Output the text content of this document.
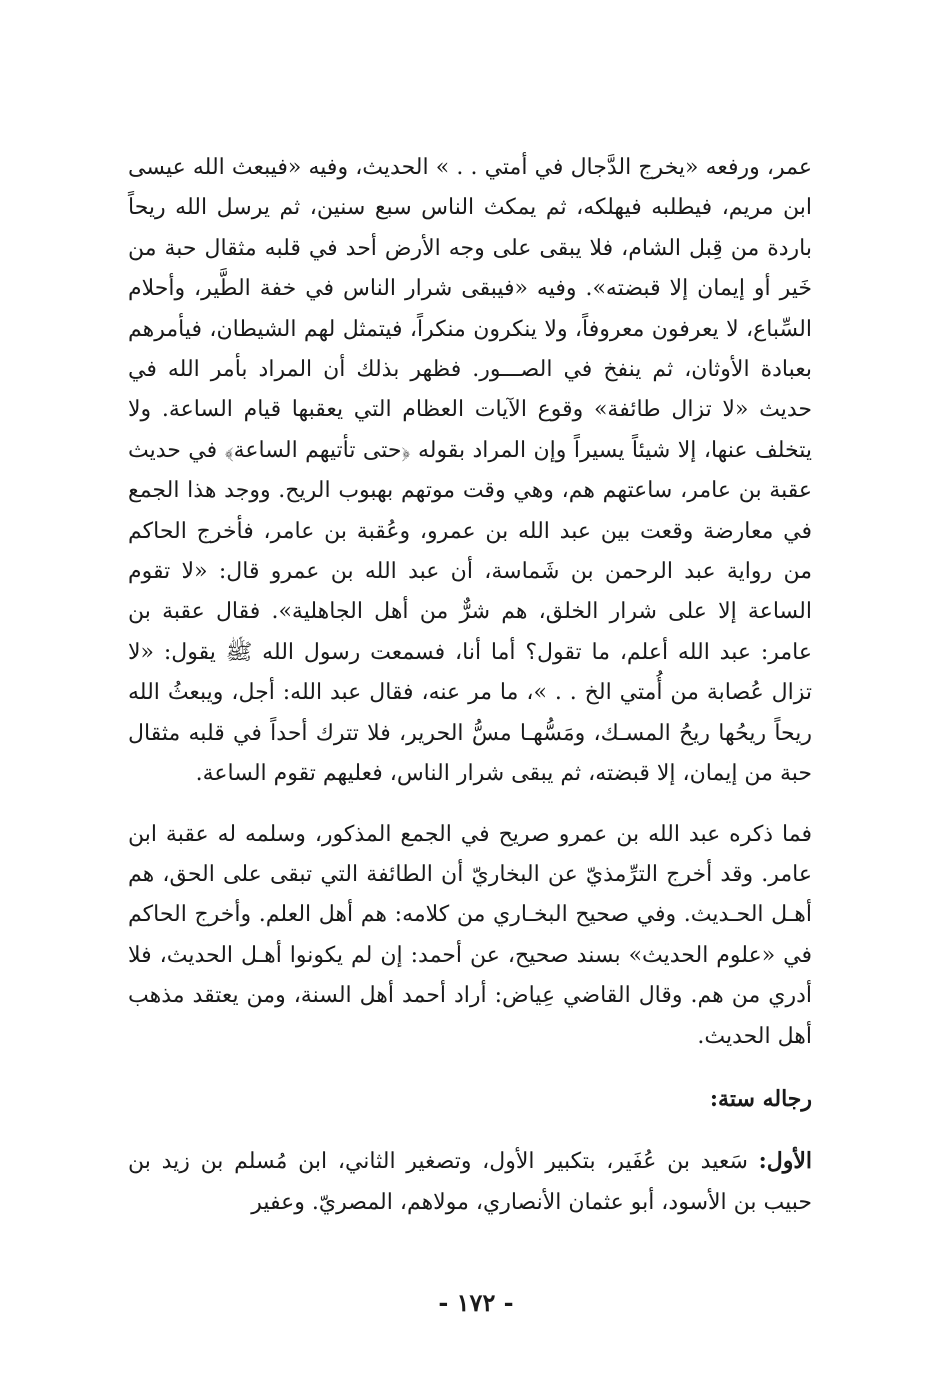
عمر، ورفعه «يخرج الدَّجال في أمتي . . » الحديث، وفيه «فيبعث الله عيسى ابن مريم، فيطلبه فيهلكه، ثم يمكث الناس سبع سنين، ثم يرسل الله ريحاً باردة من قِبل الشام، فلا يبقى على وجه الأرض أحد في قلبه مثقال حبة من خَير أو إيمان إلا قبضته». وفيه «فيبقى شرار الناس في خفة الطَّير، وأحلام السِّباع، لا يعرفون معروفاً، ولا ينكرون منكراً، فيتمثل لهم الشيطان، فيأمرهم بعبادة الأوثان، ثم ينفخ في الصـــور. فظهر بذلك أن المراد بأمر الله في حديث «لا تزال طائفة» وقوع الآيات العظام التي يعقبها قيام الساعة. ولا يتخلف عنها، إلا شيئاً يسيراً وإن المراد بقوله ﴿حتى تأتيهم الساعة﴾ في حديث عقبة بن عامر، ساعتهم هم، وهي وقت موتهم بهبوب الريح. ووجد هذا الجمع في معارضة وقعت بين عبد الله بن عمرو، وعُقبة بن عامر، فأخرج الحاكم من رواية عبد الرحمن بن شَماسة، أن عبد الله بن عمرو قال: «لا تقوم الساعة إلا على شرار الخلق، هم شرٌّ من أهل الجاهلية». فقال عقبة بن عامر: عبد الله أعلم، ما تقول؟ أما أنا، فسمعت رسول الله ﷺ يقول: «لا تزال عُصابة من أُمتي الخ . . »، ما مر عنه، فقال عبد الله: أجل، ويبعثُ الله ريحاً ريحُها ريحُ المسـك، ومَسُّهـا مسُّ الحرير، فلا تترك أحداً في قلبه مثقال حبة من إيمان، إلا قبضته، ثم يبقى شرار الناس، فعليهم تقوم الساعة.

فما ذكره عبد الله بن عمرو صريح في الجمع المذكور، وسلمه له عقبة ابن عامر. وقد أخرج الترِّمذيّ عن البخاريّ أن الطائفة التي تبقى على الحق، هم أهـل الحـديث. وفي صحيح البخـاري من كلامه: هم أهل العلم. وأخرج الحاكم في «علوم الحديث» بسند صحيح، عن أحمد: إن لم يكونوا أهـل الحديث، فلا أدري من هم. وقال القاضي عِياض: أراد أحمد أهل السنة، ومن يعتقد مذهب أهل الحديث.

رجاله ستة:

الأول: سَعيد بن عُفَير، بتكبير الأول، وتصغير الثاني، ابن مُسلم بن زيد بن حبيب بن الأسود، أبو عثمان الأنصاري، مولاهم، المصريّ. وعفير

- ١٧٢ -
